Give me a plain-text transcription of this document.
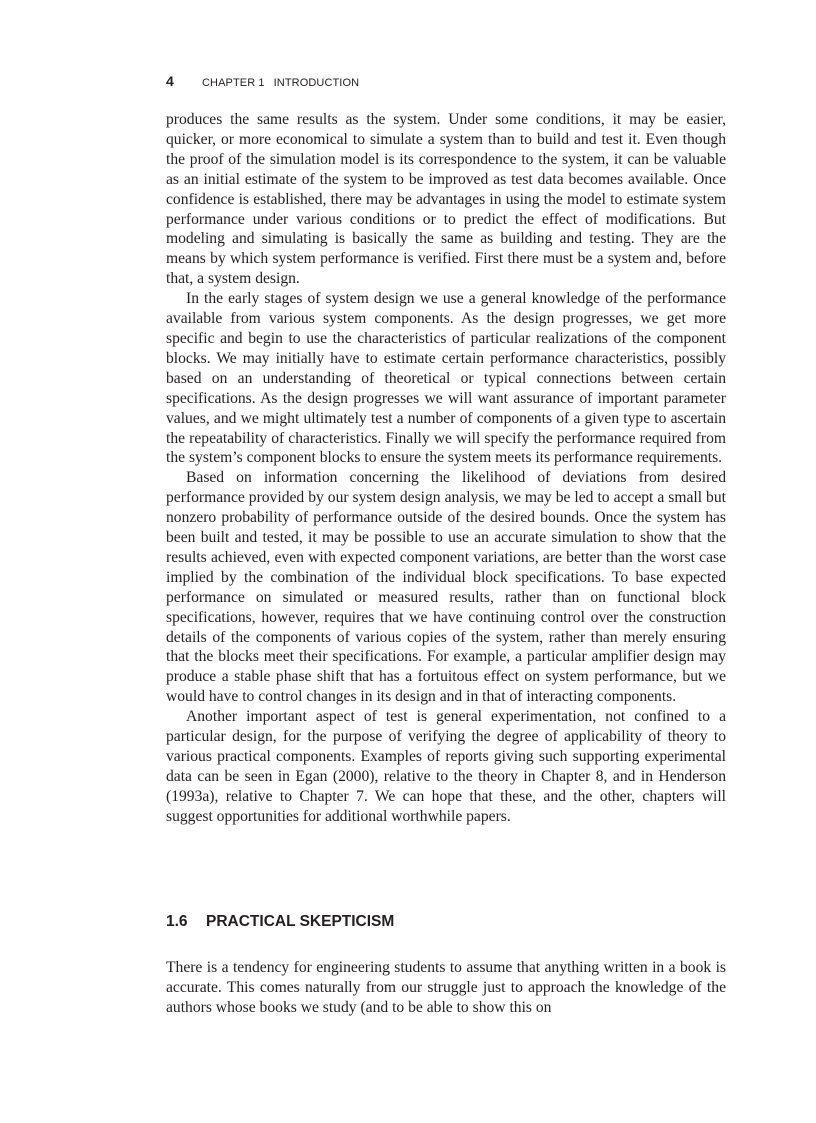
4	CHAPTER 1 INTRODUCTION

produces the same results as the system. Under some conditions, it may be easier, quicker, or more economical to simulate a system than to build and test it. Even though the proof of the simulation model is its correspondence to the system, it can be valuable as an initial estimate of the system to be improved as test data becomes available. Once confidence is established, there may be advantages in using the model to estimate system performance under various conditions or to predict the effect of modifications. But modeling and simulating is basically the same as building and testing. They are the means by which system performance is verified. First there must be a system and, before that, a system design.

In the early stages of system design we use a general knowledge of the performance available from various system components. As the design progresses, we get more specific and begin to use the characteristics of particular realizations of the component blocks. We may initially have to estimate certain performance characteristics, possibly based on an understanding of theoretical or typical connections between certain specifications. As the design progresses we will want assurance of important parameter values, and we might ultimately test a number of components of a given type to ascertain the repeatability of characteristics. Finally we will specify the performance required from the system’s component blocks to ensure the system meets its performance requirements.

Based on information concerning the likelihood of deviations from desired performance provided by our system design analysis, we may be led to accept a small but nonzero probability of performance outside of the desired bounds. Once the system has been built and tested, it may be possible to use an accurate simulation to show that the results achieved, even with expected component variations, are better than the worst case implied by the combination of the individual block specifications. To base expected performance on simulated or measured results, rather than on functional block specifications, however, requires that we have continuing control over the construction details of the components of various copies of the system, rather than merely ensuring that the blocks meet their specifications. For example, a particular amplifier design may produce a stable phase shift that has a fortuitous effect on system performance, but we would have to control changes in its design and in that of interacting components.

Another important aspect of test is general experimentation, not confined to a particular design, for the purpose of verifying the degree of applicability of theory to various practical components. Examples of reports giving such supporting experimental data can be seen in Egan (2000), relative to the theory in Chapter 8, and in Henderson (1993a), relative to Chapter 7. We can hope that these, and the other, chapters will suggest opportunities for additional worthwhile papers.

1.6	PRACTICAL SKEPTICISM

There is a tendency for engineering students to assume that anything written in a book is accurate. This comes naturally from our struggle just to approach the knowledge of the authors whose books we study (and to be able to show this on
